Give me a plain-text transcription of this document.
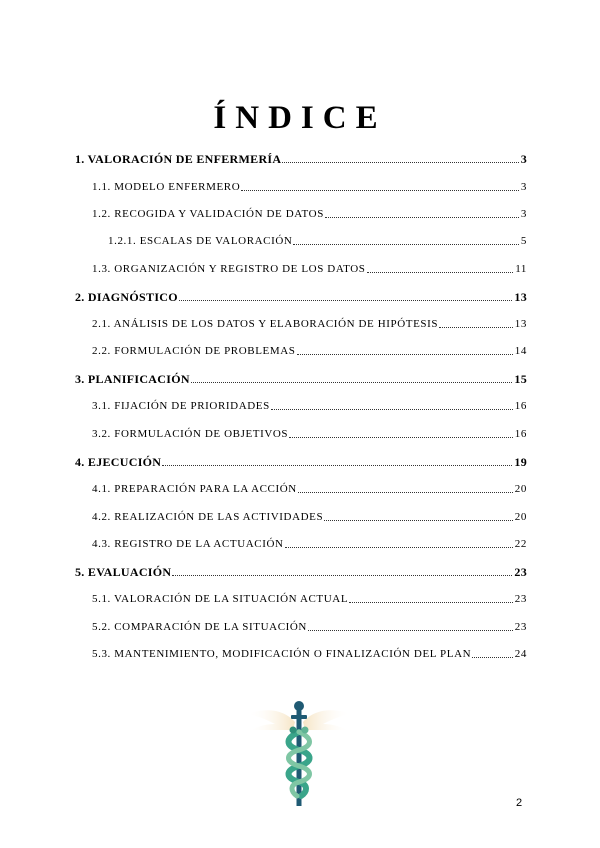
ÍNDICE
1. VALORACIÓN DE ENFERMERÍA	3
1.1. MODELO ENFERMERO	3
1.2. RECOGIDA Y VALIDACIÓN DE DATOS	3
1.2.1. ESCALAS DE VALORACIÓN	5
1.3. ORGANIZACIÓN Y REGISTRO DE LOS DATOS	11
2. DIAGNÓSTICO	13
2.1. ANÁLISIS DE LOS DATOS Y ELABORACIÓN DE HIPÓTESIS	13
2.2. FORMULACIÓN DE PROBLEMAS	14
3. PLANIFICACIÓN	15
3.1. FIJACIÓN DE PRIORIDADES	16
3.2. FORMULACIÓN DE OBJETIVOS	16
4. EJECUCIÓN	19
4.1. PREPARACIÓN PARA LA ACCIÓN	20
4.2. REALIZACIÓN DE LAS ACTIVIDADES	20
4.3. REGISTRO DE LA ACTUACIÓN	22
5. EVALUACIÓN	23
5.1. VALORACIÓN DE LA SITUACIÓN ACTUAL	23
5.2. COMPARACIÓN DE LA SITUACIÓN	23
5.3. MANTENIMIENTO, MODIFICACIÓN O FINALIZACIÓN DEL PLAN	24
2
